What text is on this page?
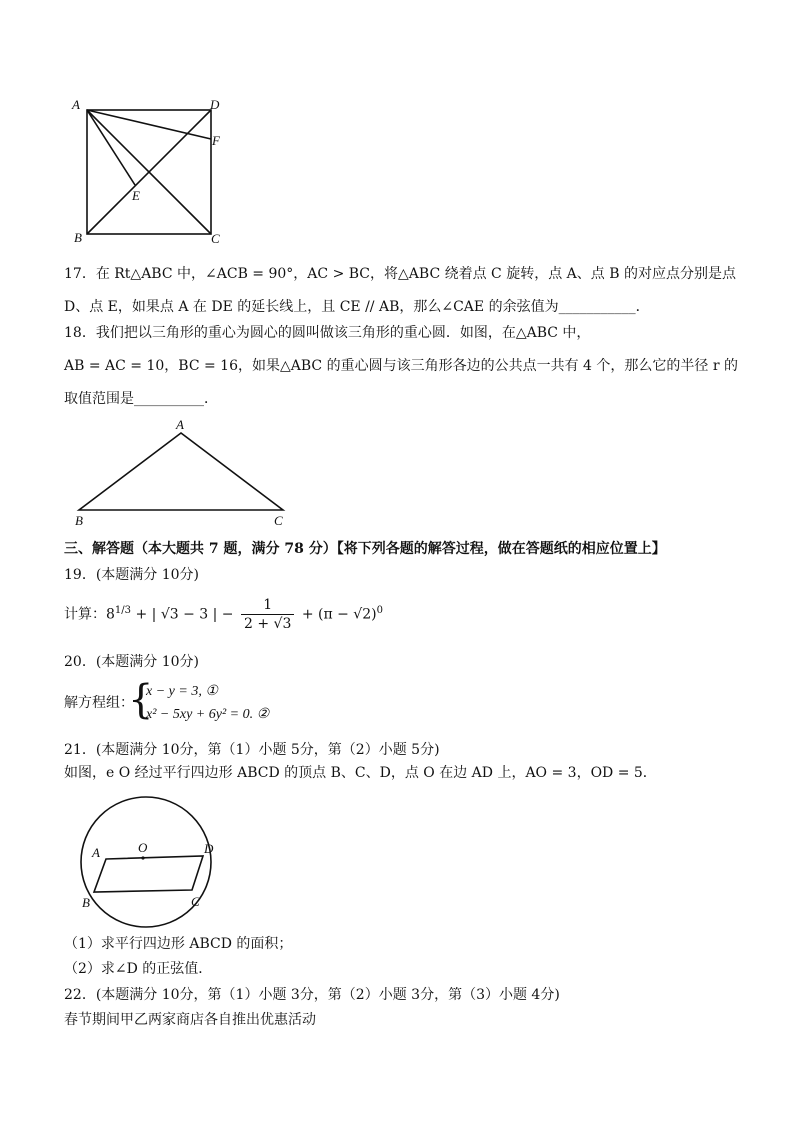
A	D
F
E
B	C
17．在 Rt△ABC 中，∠ACB = 90°，AC > BC，将△ABC 绕着点 C 旋转，点 A、点 B 的对应点分别是点
D、点 E，如果点 A 在 DE 的延长线上，且 CE // AB，那么∠CAE 的余弦值为___________．
18．我们把以三角形的重心为圆心的圆叫做该三角形的重心圆．如图，在△ABC 中，
AB = AC = 10，BC = 16，如果△ABC 的重心圆与该三角形各边的公共点一共有 4 个，那么它的半径 r 的
取值范围是__________．
A
B	C
三、解答题（本大题共 7 题，满分 78 分）【将下列各题的解答过程，做在答题纸的相应位置上】
19．(本题满分 10分)
计算：$8^{1/3}$ + | √3 − 3 | − $\frac{1}{2 + √3} + (\pi - √2)^0$
20．(本题满分 10分)
解方程组：
{
x − y = 3, ①
x² − 5xy + 6y² = 0. ②
21．(本题满分 10分，第（1）小题 5分，第（2）小题 5分)
如图，e O 经过平行四边形 ABCD 的顶点 B、C、D，点 O 在边 AD 上，AO = 3，OD = 5．
A	O	D
B	C
（1）求平行四边形 ABCD 的面积；
（2）求∠D 的正弦值．
22．(本题满分 10分，第（1）小题 3分，第（2）小题 3分，第（3）小题 4分)
春节期间甲乙两家商店各自推出优惠活动
